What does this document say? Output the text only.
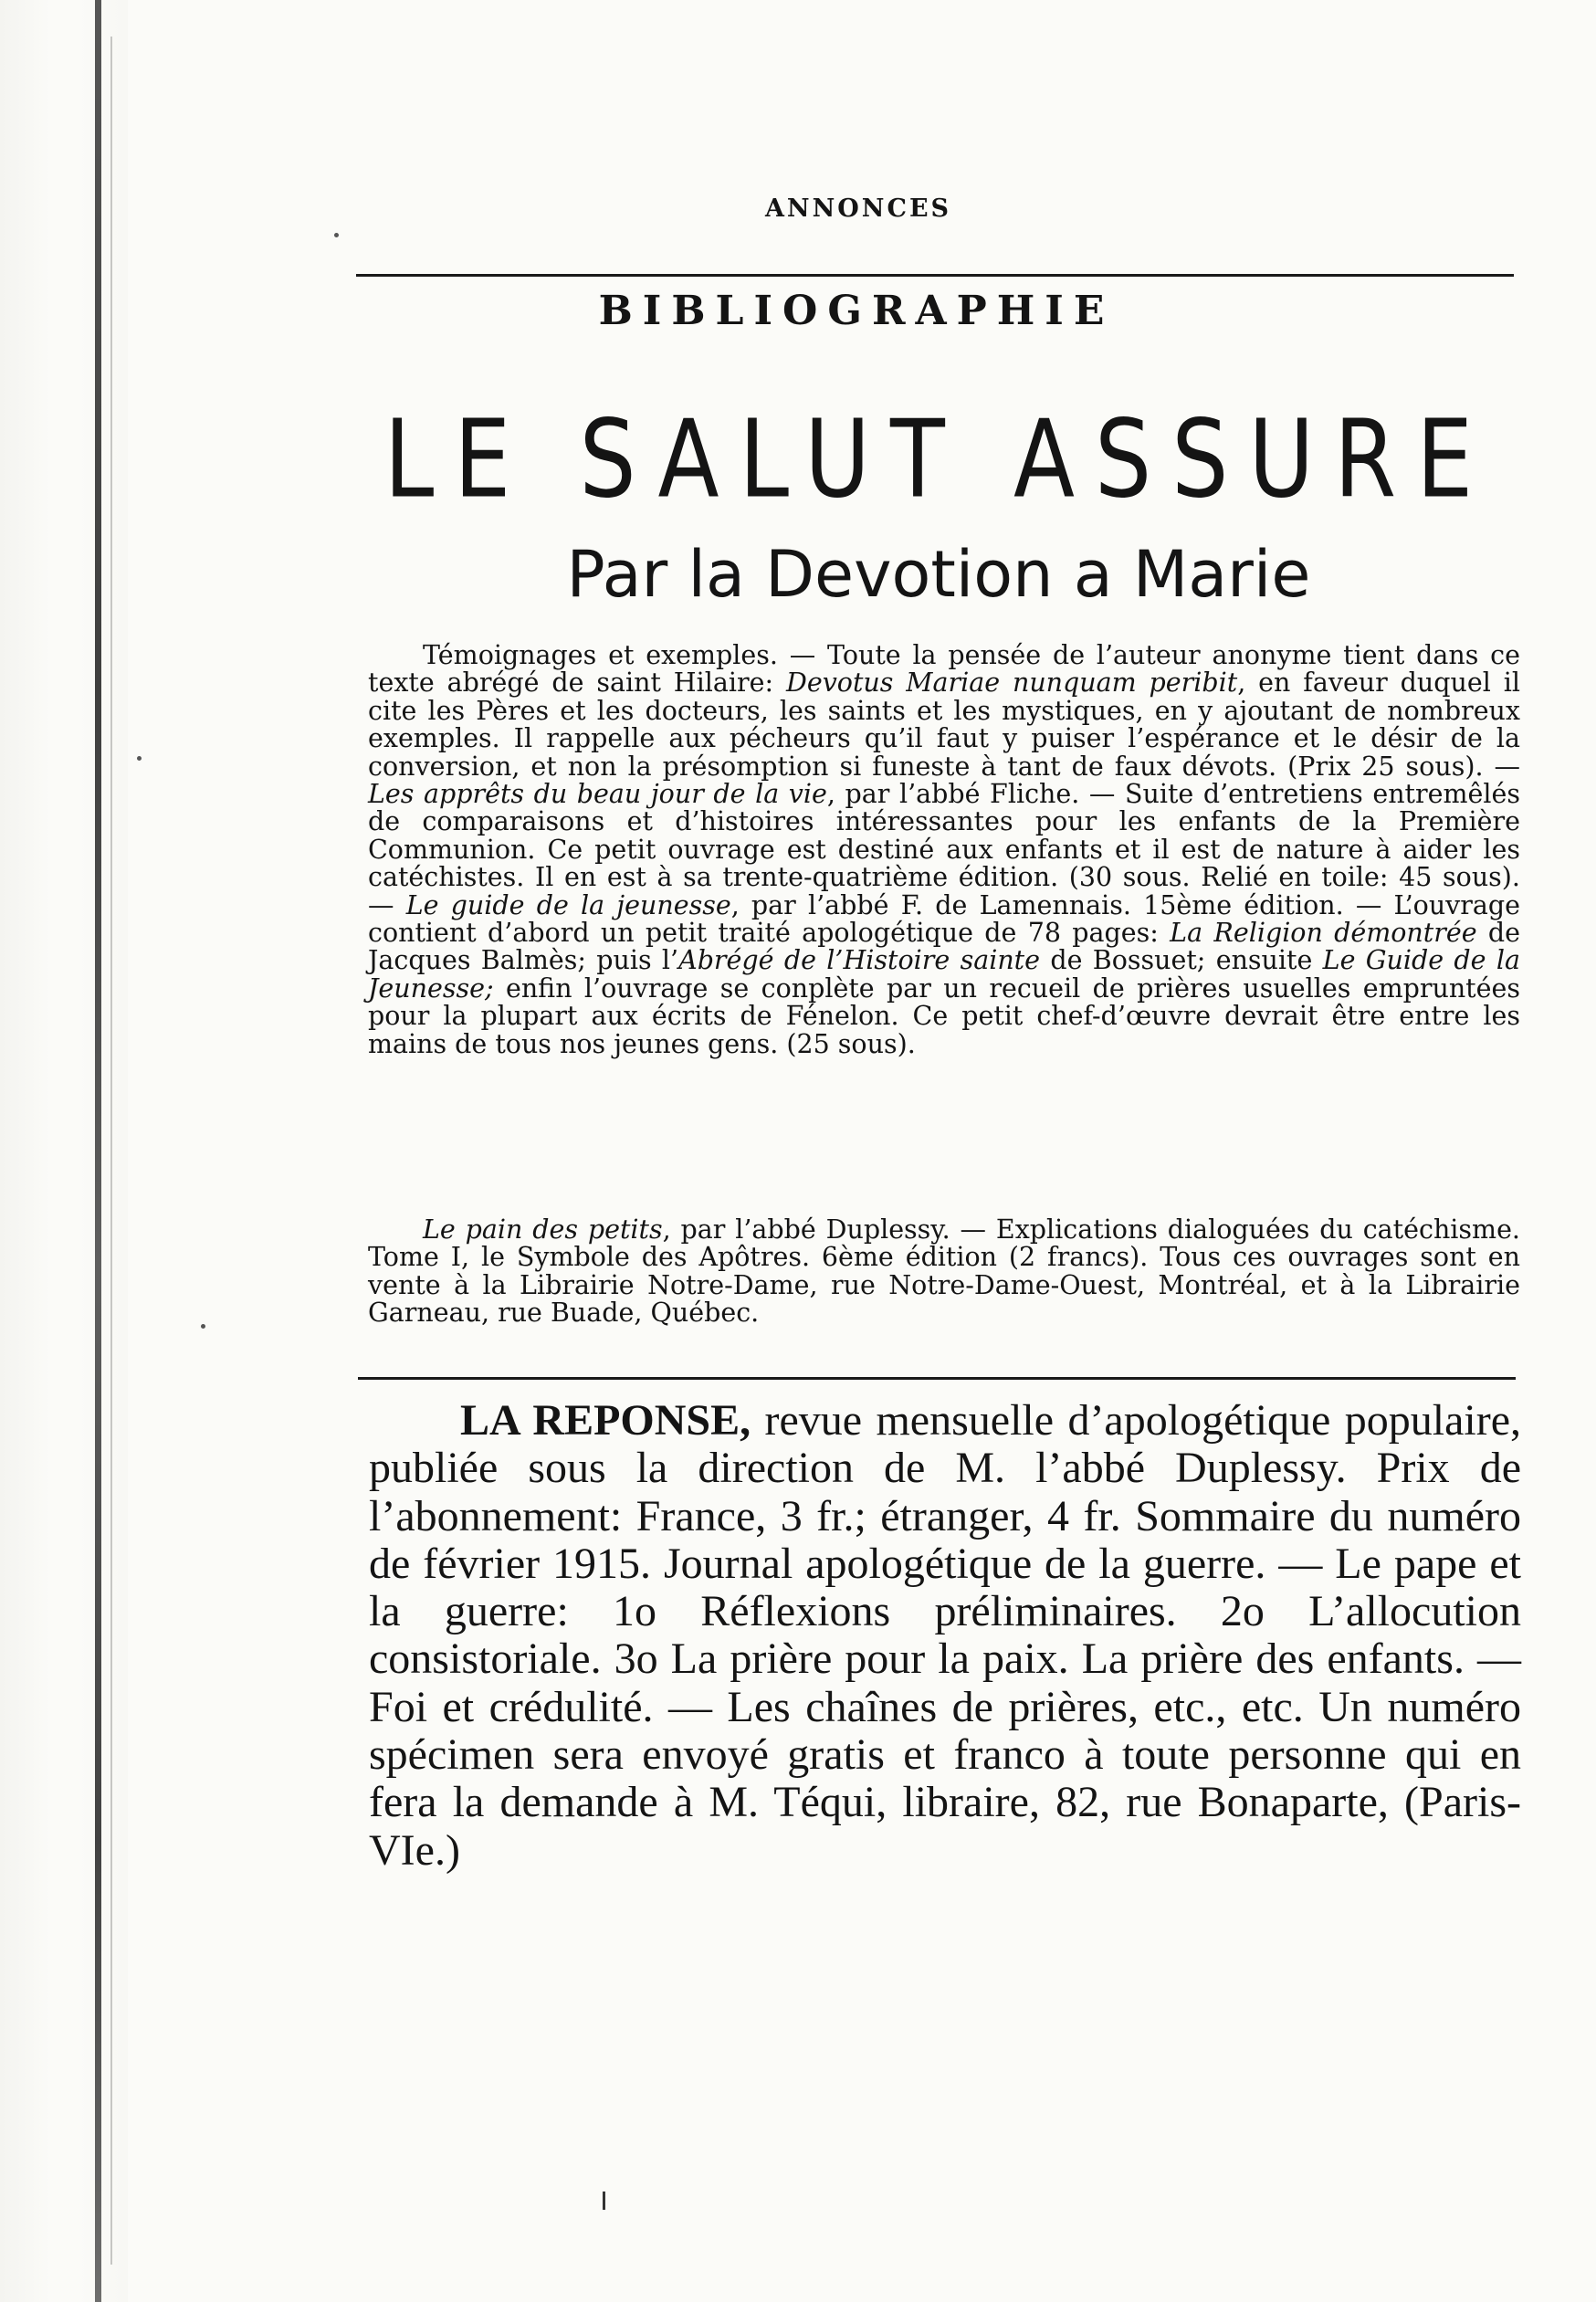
ANNONCES
BIBLIOGRAPHIE
LE SALUT ASSURE
Par la Devotion a Marie

Témoignages et exemples. — Toute la pensée de l’auteur anonyme tient dans ce texte abrégé de saint Hilaire: Devotus Mariae nunquam peribit, en faveur duquel il cite les Pères et les docteurs, les saints et les mystiques, en y ajoutant de nombreux exemples. Il rappelle aux pécheurs qu’il faut y puiser l’espérance et le désir de la conversion, et non la présomption si funeste à tant de faux dévots. (Prix 25 sous). — Les apprêts du beau jour de la vie, par l’abbé Fliche. — Suite d’entretiens entremêlés de comparaisons et d’histoires intéressantes pour les enfants de la Première Communion. Ce petit ouvrage est destiné aux enfants et il est de nature à aider les catéchistes. Il en est à sa trente-quatrième édition. (30 sous. Relié en toile: 45 sous). — Le guide de la jeunesse, par l’abbé F. de Lamennais. 15ème édition. — L’ouvrage contient d’abord un petit traité apologétique de 78 pages: La Religion démontrée de Jacques Balmès; puis l’Abrégé de l’Histoire sainte de Bossuet; ensuite Le Guide de la Jeunesse; enfin l’ouvrage se conplète par un recueil de prières usuelles empruntées pour la plupart aux écrits de Fénelon. Ce petit chef-d’œuvre devrait être entre les mains de tous nos jeunes gens. (25 sous).

Le pain des petits, par l’abbé Duplessy. — Explications dialoguées du catéchisme. Tome I, le Symbole des Apôtres. 6ème édition (2 francs). Tous ces ouvrages sont en vente à la Librairie Notre-Dame, rue Notre-Dame-Ouest, Montréal, et à la Librairie Garneau, rue Buade, Québec.

LA REPONSE, revue mensuelle d’apologétique populaire, publiée sous la direction de M. l’abbé Duplessy. Prix de l’abonnement: France, 3 fr.; étranger, 4 fr. Sommaire du numéro de février 1915. Journal apologétique de la guerre. — Le pape et la guerre: 1o Réflexions préliminaires. 2o L’allocution consistoriale. 3o La prière pour la paix. La prière des enfants. — Foi et crédulité. — Les chaînes de prières, etc., etc. Un numéro spécimen sera envoyé gratis et franco à toute personne qui en fera la demande à M. Téqui, libraire, 82, rue Bonaparte, (Paris-VIe.)
